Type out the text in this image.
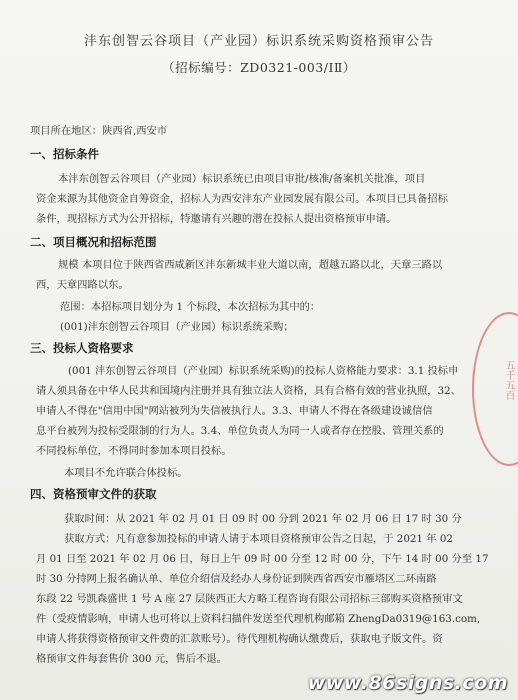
沣东创智云谷项目（产业园）标识系统采购资格预审公告
（招标编号：ZD0321-003/ⅠⅡ）
项目所在地区：陕西省,西安市
一、招标条件
本沣东创智云谷项目（产业园）标识系统已由项目审批/核准/备案机关批准，项目
资金来源为其他资金自筹资金，招标人为西安沣东产业园发展有限公司。本项目已具备招标
条件，现招标方式为公开招标，特邀请有兴趣的潜在投标人提出资格预审申请。
二、项目概况和招标范围
规模 本项目位于陕西省西咸新区沣东新城丰业大道以南，超越五路以北，天章三路以
西，天章四路以东。
范围：本招标项目划分为 1 个标段，本次招标为其中的：
(001)沣东创智云谷项目（产业园）标识系统采购；
三、投标人资格要求
(001 沣东创智云谷项目（产业园）标识系统采购)的投标人资格能力要求：3.1 投标申
请人须具备在中华人民共和国境内注册并具有独立法人资格，具有合格有效的营业执照，32、
申请人不得在"信用中国"网站被列为失信被执行人。3.3、申请人不得在各级建设诚信信
息平台被列为投标受限制的行为人。3.4、单位负责人为同一人或者存在控股、管理关系的
不同投标单位，不得同时参加本项目投标。
本项目不允许联合体投标。
四、资格预审文件的获取
获取时间：从 2021 年 02 月 01 日 09 时 00 分到 2021 年 02 月 06 日 17 时 30 分
获取方式：凡有意参加投标的申请人请于本项目资格预审公告之日起，于 2021 年 02
月 01 日至 2021 年 02 月 06 日，每日上午 09 时 00 分至 12 时 00 分，下午 14 时 00 分至 17
时 30 分持网上报名确认单、单位介绍信及经办人身份证到陕西省西安市雁塔区二环南路
东段 22 号凯森盛世 1 号 A 座 27 层陕西正大方略工程咨询有限公司招标三部购买资格预审文
件（受疫情影响，申请人也可将以上资料扫描件发送至代理机构邮箱 ZhengDa0319@163.com,
申请人将获得资格预审文件费的汇款账号）。待代理机构确认缴费后，获取电子版文件。资
格预审文件每套售价 300 元，售后不退。
五千五百
www.86signs.com
